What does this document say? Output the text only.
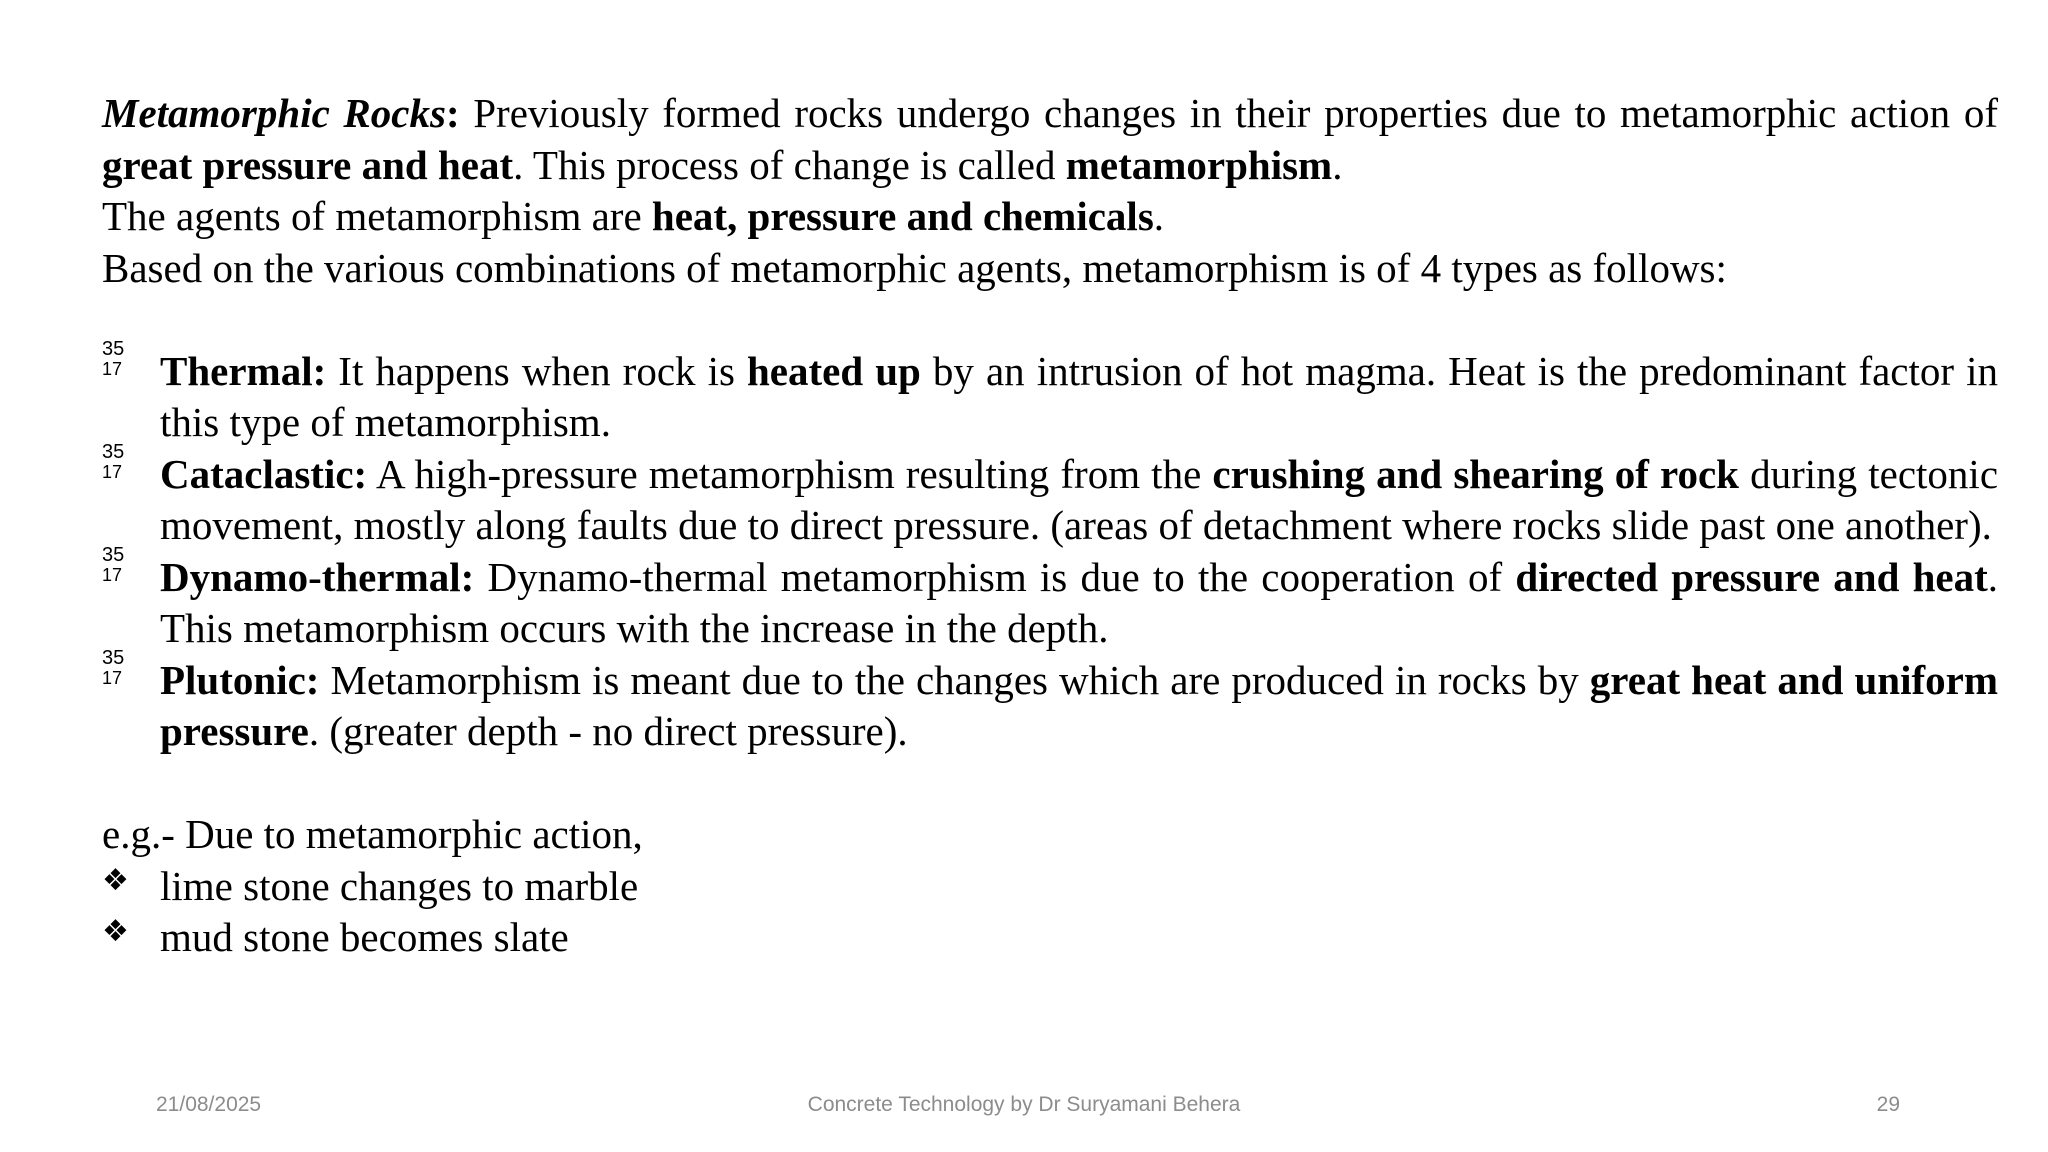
Metamorphic Rocks: Previously formed rocks undergo changes in their properties due to metamorphic action of great pressure and heat. This process of change is called metamorphism.

The agents of metamorphism are heat, pressure and chemicals.

Based on the various combinations of metamorphic agents, metamorphism is of 4 types as follows:

35
17 Thermal: It happens when rock is heated up by an intrusion of hot magma. Heat is the predominant factor in this type of metamorphism.
35
17 Cataclastic: A high-pressure metamorphism resulting from the crushing and shearing of rock during tectonic movement, mostly along faults due to direct pressure. (areas of detachment where rocks slide past one another).
35
17 Dynamo-thermal: Dynamo-thermal metamorphism is due to the cooperation of directed pressure and heat. This metamorphism occurs with the increase in the depth.
35
17 Plutonic: Metamorphism is meant due to the changes which are produced in rocks by great heat and uniform pressure. (greater depth - no direct pressure).

e.g.- Due to metamorphic action,

❖ lime stone changes to marble
❖ mud stone becomes slate
21/08/2025	Concrete Technology by Dr Suryamani Behera	29
